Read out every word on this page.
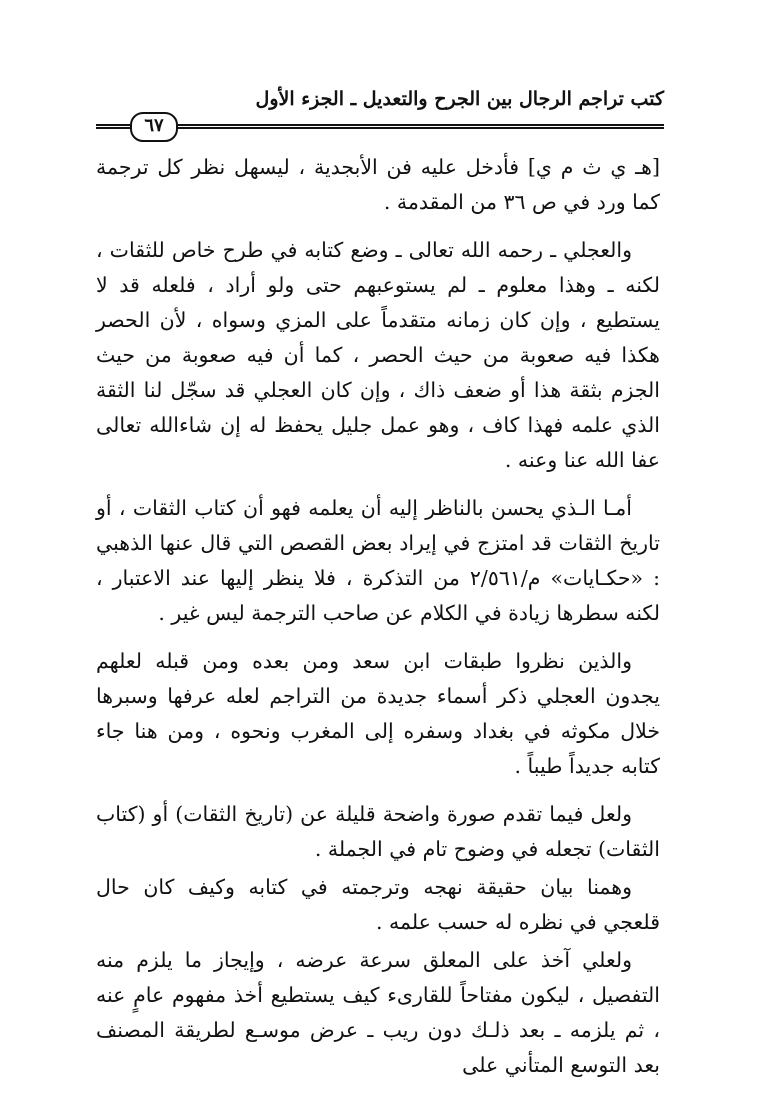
كتب تراجم الرجال بين الجرح والتعديل ـ الجزء الأول
٦٧

[هـ ي ث م ي] فأدخل عليه فن الأبجدية ، ليسهل نظر كل ترجمة كما ورد في ص ٣٦ من المقدمة .

والعجلي ـ رحمه الله تعالى ـ وضع كتابه في طرح خاص للثقات ، لكنه ـ وهذا معلوم ـ لم يستوعبهم حتى ولو أراد ، فلعله قد لا يستطيع ، وإن كان زمانه متقدماً على المزي وسواه ، لأن الحصر هكذا فيه صعوبة من حيث الحصر ، كما أن فيه صعوبة من حيث الجزم بثقة هذا أو ضعف ذاك ، وإن كان العجلي قد سجّل لنا الثقة الذي علمه فهذا كاف ، وهو عمل جليل يحفظ له إن شاءالله تعالى عفا الله عنا وعنه .

أمـا الـذي يحسن بالناظر إليه أن يعلمه فهو أن كتاب الثقات ، أو تاريخ الثقات قد امتزج في إيراد بعض القصص التي قال عنها الذهبي : «حكـايات» م/٢/٥٦١ من التذكرة ، فلا ينظر إليها عند الاعتبار ، لكنه سطرها زيادة في الكلام عن صاحب الترجمة ليس غير .

والذين نظروا طبقات ابن سعد ومن بعده ومن قبله لعلهم يجدون العجلي ذكر أسماء جديدة من التراجم لعله عرفها وسبرها خلال مكوثه في بغداد وسفره إلى المغرب ونحوه ، ومن هنا جاء كتابه جديداً طيباً .

ولعل فيما تقدم صورة واضحة قليلة عن (تاريخ الثقات) أو (كتاب الثقات) تجعله في وضوح تام في الجملة .

وهمنا بيان حقيقة نهجه وترجمته في كتابه وكيف كان حال قلعجي في نظره له حسب علمه .

ولعلي آخذ على المعلق سرعة عرضه ، وإيجاز ما يلزم منه التفصيل ، ليكون مفتاحاً للقارىء كيف يستطيع أخذ مفهوم عامٍ عنه ، ثم يلزمه ـ بعد ذلـك دون ريب ـ عرض موسـع لطريقة المصنف بعد التوسع المتأني على
